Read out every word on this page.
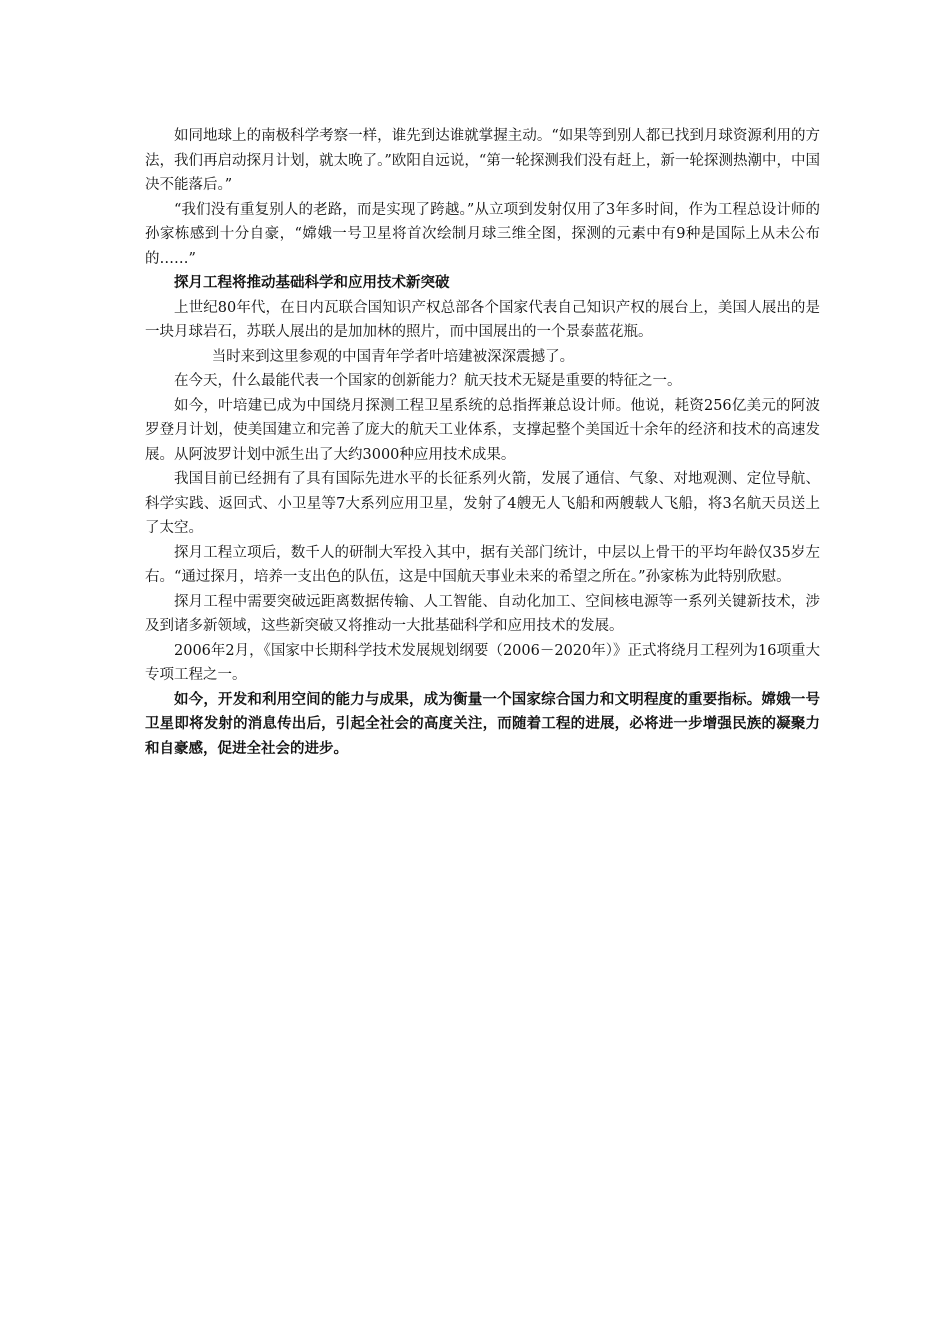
如同地球上的南极科学考察一样，谁先到达谁就掌握主动。“如果等到别人都已找到月球资源利用的方法，我们再启动探月计划，就太晚了。”欧阳自远说，“第一轮探测我们没有赶上，新一轮探测热潮中，中国决不能落后。”

“我们没有重复别人的老路，而是实现了跨越。”从立项到发射仅用了3年多时间，作为工程总设计师的孙家栋感到十分自豪，“嫦娥一号卫星将首次绘制月球三维全图，探测的元素中有9种是国际上从未公布的……”

探月工程将推动基础科学和应用技术新突破

上世纪80年代，在日内瓦联合国知识产权总部各个国家代表自己知识产权的展台上，美国人展出的是一块月球岩石，苏联人展出的是加加林的照片，而中国展出的一个景泰蓝花瓶。

当时来到这里参观的中国青年学者叶培建被深深震撼了。

在今天，什么最能代表一个国家的创新能力？航天技术无疑是重要的特征之一。

如今，叶培建已成为中国绕月探测工程卫星系统的总指挥兼总设计师。他说，耗资256亿美元的阿波罗登月计划，使美国建立和完善了庞大的航天工业体系，支撑起整个美国近十余年的经济和技术的高速发展。从阿波罗计划中派生出了大约3000种应用技术成果。

我国目前已经拥有了具有国际先进水平的长征系列火箭，发展了通信、气象、对地观测、定位导航、科学实践、返回式、小卫星等7大系列应用卫星，发射了4艘无人飞船和两艘载人飞船，将3名航天员送上了太空。

探月工程立项后，数千人的研制大军投入其中，据有关部门统计，中层以上骨干的平均年龄仅35岁左右。“通过探月，培养一支出色的队伍，这是中国航天事业未来的希望之所在。”孙家栋为此特别欣慰。

探月工程中需要突破远距离数据传输、人工智能、自动化加工、空间核电源等一系列关键新技术，涉及到诸多新领域，这些新突破又将推动一大批基础科学和应用技术的发展。

2006年2月，《国家中长期科学技术发展规划纲要（2006－2020年）》正式将绕月工程列为16项重大专项工程之一。

如今，开发和利用空间的能力与成果，成为衡量一个国家综合国力和文明程度的重要指标。嫦娥一号卫星即将发射的消息传出后，引起全社会的高度关注，而随着工程的进展，必将进一步增强民族的凝聚力和自豪感，促进全社会的进步。
